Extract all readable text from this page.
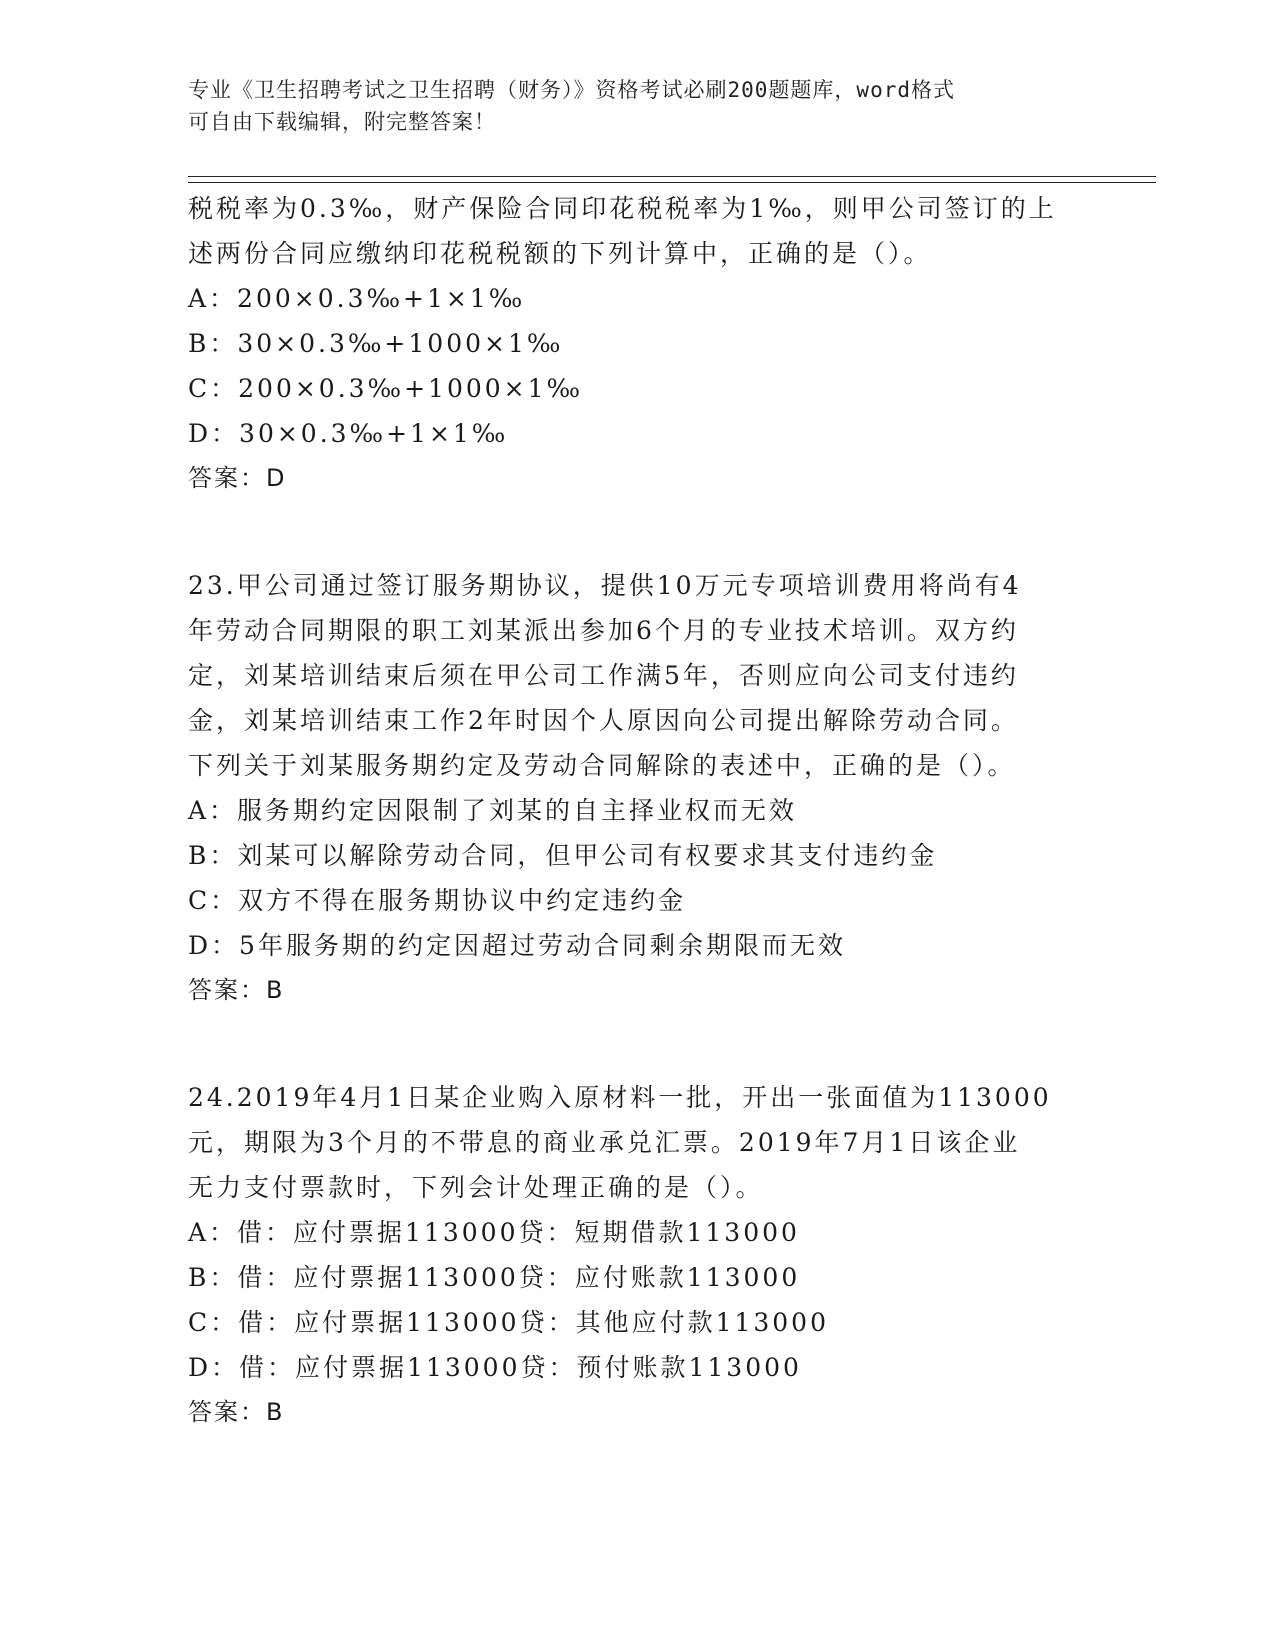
专业《卫生招聘考试之卫生招聘（财务）》资格考试必刷200题题库，word格式
可自由下载编辑，附完整答案！
税税率为0.3‰，财产保险合同印花税税率为1‰，则甲公司签订的上
述两份合同应缴纳印花税税额的下列计算中，正确的是（）。
A：200×0.3‰+1×1‰
B：30×0.3‰+1000×1‰
C：200×0.3‰+1000×1‰
D：30×0.3‰+1×1‰
答案：D
23.甲公司通过签订服务期协议，提供10万元专项培训费用将尚有4
年劳动合同期限的职工刘某派出参加6个月的专业技术培训。双方约
定，刘某培训结束后须在甲公司工作满5年，否则应向公司支付违约
金，刘某培训结束工作2年时因个人原因向公司提出解除劳动合同。
下列关于刘某服务期约定及劳动合同解除的表述中，正确的是（）。
A：服务期约定因限制了刘某的自主择业权而无效
B：刘某可以解除劳动合同，但甲公司有权要求其支付违约金
C：双方不得在服务期协议中约定违约金
D：5年服务期的约定因超过劳动合同剩余期限而无效
答案：B
24.2019年4月1日某企业购入原材料一批，开出一张面值为113000
元，期限为3个月的不带息的商业承兑汇票。2019年7月1日该企业
无力支付票款时，下列会计处理正确的是（）。
A：借：应付票据113000贷：短期借款113000
B：借：应付票据113000贷：应付账款113000
C：借：应付票据113000贷：其他应付款113000
D：借：应付票据113000贷：预付账款113000
答案：B
